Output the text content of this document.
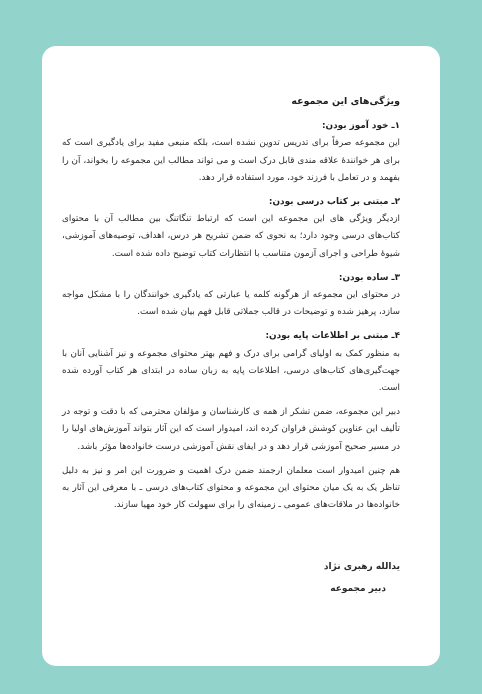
ویژگی‌های این مجموعه
۱ـ خود آموز بودن:
این مجموعه صرفاً برای تدریس تدوین نشده است، بلکه منبعی مفید برای یادگیری است که برای هر خوانندهٔ علاقه مندی قابل درک است و می تواند مطالب این مجموعه را بخواند، آن را بفهمد و در تعامل با فرزند خود، مورد استفاده قرار دهد.
۲ـ مبتنی بر کتاب درسی بودن:
ازدیگر ویژگی های این مجموعه این است که ارتباط تنگاتنگ بین مطالب آن با محتوای کتاب‌های درسی وجود دارد؛ به نحوی که ضمن تشریح هر درس، اهداف، توصیه‌های آموزشی، شیوهٔ طراحی و اجرای آزمون متناسب با انتظارات کتاب توضیح داده شده است.
۳ـ ساده بودن:
در محتوای این مجموعه از هرگونه کلمه یا عبارتی که یادگیری خوانندگان را با مشکل مواجه سازد، پرهیز شده و توضیحات در قالب جملاتی قابل فهم بیان شده است.
۴ـ مبتنی بر اطلاعات پایه بودن:
به منظور کمک به اولیای گرامی برای درک و فهم بهتر محتوای مجموعه و نیز آشنایی آنان با جهت‌گیری‌های کتاب‌های درسی، اطلاعات پایه به زبان ساده در ابتدای هر کتاب آورده شده است.
دبیر این مجموعه، ضمن تشکر از همه ی کارشناسان و مؤلفان محترمی که با دقت و توجه در تألیف این عناوین کوشش فراوان کرده اند، امیدوار است که این آثار بتواند آموزش‌های اولیا را در مسیر صحیح آموزشی قرار دهد و در ایفای نقش آموزشی درست خانواده‌ها مؤثر باشد.
هم چنین امیدوار است معلمان ارجمند ضمن درک اهمیت و ضرورت این امر و نیز به دلیل تناظر یک به یک میان محتوای این مجموعه و محتوای کتاب‌های درسی ـ با معرفی این آثار به خانواده‌ها در ملاقات‌های عمومی ـ زمینه‌ای را برای سهولت کار خود مهیا سازند.
یدالله رهبری نژاد
دبیر مجموعه
